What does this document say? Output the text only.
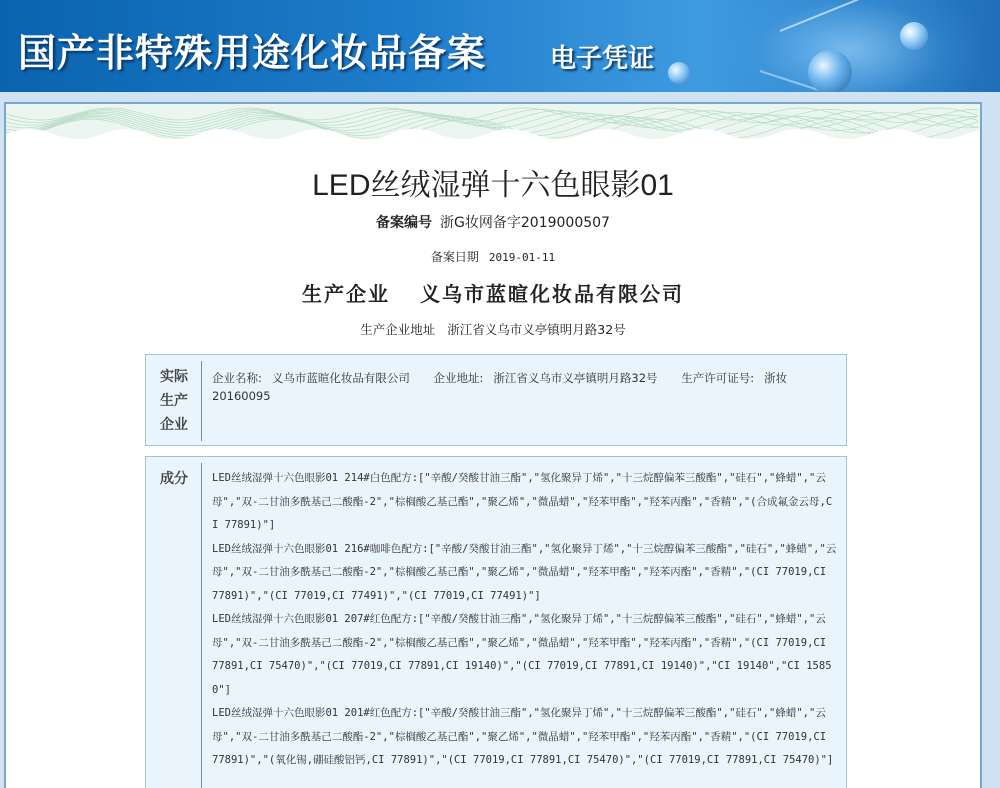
国产非特殊用途化妆品备案 电子凭证
LED丝绒湿弹十六色眼影01
备案编号 浙G妆网备字2019000507
备案日期 2019-01-11
生产企业 义乌市蓝暄化妆品有限公司
生产企业地址 浙江省义乌市义亭镇明月路32号
实际
生产
企业
企业名称: 义乌市蓝暄化妆品有限公司 企业地址: 浙江省义乌市义亭镇明月路32号 生产许可证号: 浙妆20160095
成分	LED丝绒湿弹十六色眼影01 214#白色配方:["辛酸/癸酸甘油三酯","氢化聚异丁烯","十三烷醇偏苯三酸酯","硅石","蜂蜡","云母","双-二甘油多酰基己二酸酯-2","棕榈酸乙基己酯","聚乙烯","微晶蜡","羟苯甲酯","羟苯丙酯","香精","(合成氟金云母,CI 77891)"]

LED丝绒湿弹十六色眼影01 216#咖啡色配方:["辛酸/癸酸甘油三酯","氢化聚异丁烯","十三烷醇偏苯三酸酯","硅石","蜂蜡","云母","双-二甘油多酰基己二酸酯-2","棕榈酸乙基己酯","聚乙烯","微晶蜡","羟苯甲酯","羟苯丙酯","香精","(CI 77019,CI 77891)","(CI 77019,CI 77491)","(CI 77019,CI 77491)"]

LED丝绒湿弹十六色眼影01 207#红色配方:["辛酸/癸酸甘油三酯","氢化聚异丁烯","十三烷醇偏苯三酸酯","硅石","蜂蜡","云母","双-二甘油多酰基己二酸酯-2","棕榈酸乙基己酯","聚乙烯","微晶蜡","羟苯甲酯","羟苯丙酯","香精","(CI 77019,CI 77891,CI 75470)","(CI 77019,CI 77891,CI 19140)","(CI 77019,CI 77891,CI 19140)","CI 19140","CI 15850"]

LED丝绒湿弹十六色眼影01 201#红色配方:["辛酸/癸酸甘油三酯","氢化聚异丁烯","十三烷醇偏苯三酸酯","硅石","蜂蜡","云母","双-二甘油多酰基己二酸酯-2","棕榈酸乙基己酯","聚乙烯","微晶蜡","羟苯甲酯","羟苯丙酯","香精","(CI 77019,CI 77891)","(氧化锡,硼硅酸铝钙,CI 77891)","(CI 77019,CI 77891,CI 75470)","(CI 77019,CI 77891,CI 75470)"]
